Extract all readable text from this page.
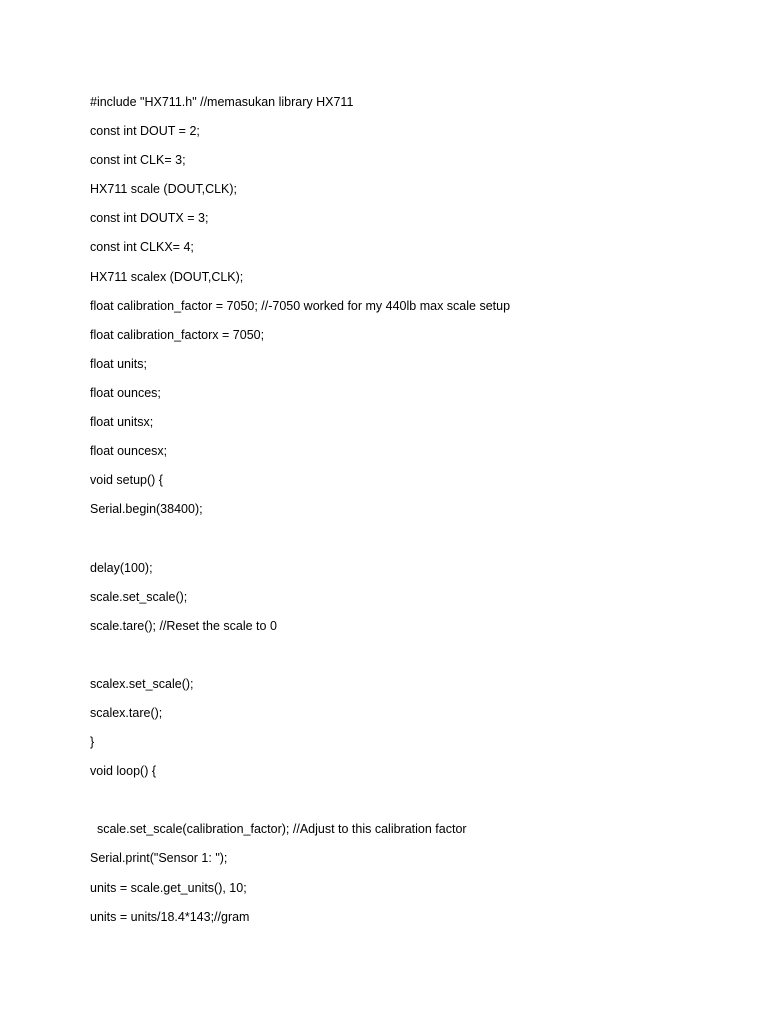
#include "HX711.h" //memasukan library HX711
const int DOUT = 2;
const int CLK= 3;
HX711 scale (DOUT,CLK);
const int DOUTX = 3;
const int CLKX= 4;
HX711 scalex (DOUT,CLK);
float calibration_factor = 7050; //-7050 worked for my 440lb max scale setup
float calibration_factorx = 7050;
float units;
float ounces;
float unitsx;
float ouncesx;
void setup() {
Serial.begin(38400);
delay(100);
scale.set_scale();
scale.tare(); //Reset the scale to 0
scalex.set_scale();
scalex.tare();
}
void loop() {
scale.set_scale(calibration_factor); //Adjust to this calibration factor
Serial.print("Sensor 1: ");
units = scale.get_units(), 10;
units = units/18.4*143;//gram
